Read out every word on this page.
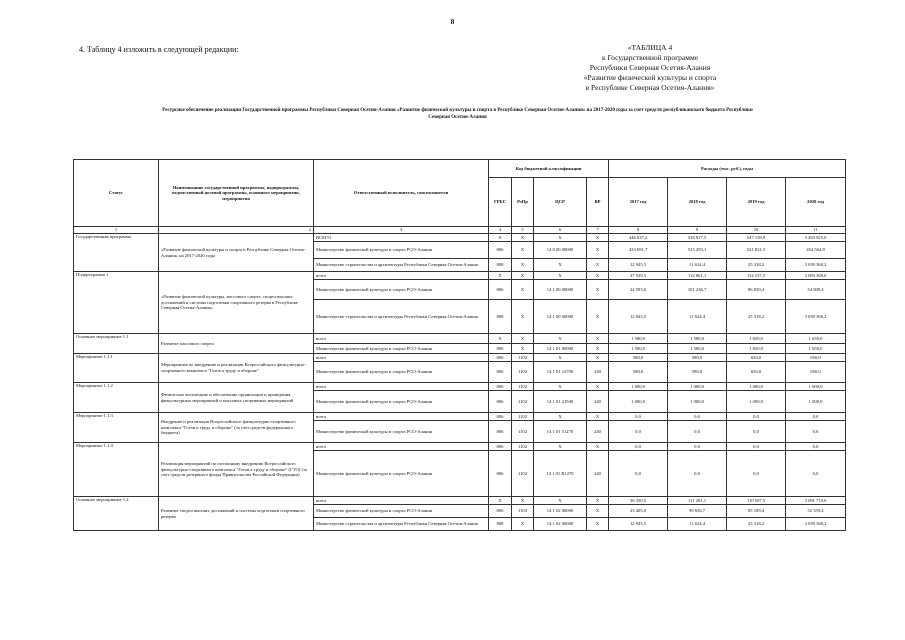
8
4. Таблицу 4 изложить в следующей редакции:	«ТАБЛИЦА 4
к Государственной программе
Республики Северная Осетия-Алания
«Развитие физической культуры и спорта
в Республике Северная Осетия-Алания»
Ресурсное обеспечение реализации Государственной программы Республики Северная Осетия-Алания «Развитие физической культуры и спорта в Республике Северная Осетия-Алания» на 2017-2020 годы за счет средств республиканского бюджета Республики
Северная Осетия-Алания
Статус	Наименование государственной программы, подпрограммы, ведомственной целевой программы, основного мероприятия, мероприятия	Ответственный исполнитель, соисполнители	Код бюджетной классификации				Расходы (тыс. руб.), годы			
			ГРБС	РзПр	ЦСР	ВР	2017 год	2018 год	2019 год	2020 год
1	2	3	4	5	6	7	8	9	10	11
Государственная программа	«Развитие физической культуры и спорта в Республике Северная Осетия-Алания» на 2017-2020 годы	ВСЕГО	X	X	X	X	446 637,2	536 917,5	547 139,9	3 493 925,0
		Министерство физической культуры и спорта РСО-Алания	806	X	14 0 00 00000	X	433 691,7	525 293,1	521 821,5	454 564,8
		Министерство строительства и архитектуры Республики Северная Осетия-Алания	808	X	X	X	12 945,5	11 624,4	25 318,2	3 039 360,2
Подпрограмма 1	«Развитие физической культуры, массового спорта, спорта высших достижений и системы подготовки спортивного резерва в Республике Северная Осетия-Алания»	всего	X	X	X	X	37 539,5	112 861,1	112 157,5	3 093 369,6
		Министерство физической культуры и спорта РСО-Алания	806	X	14 1 00 00000	X	24 593,0	101 236,7	86 839,4	54 009,4
		Министерство строительства и архитектуры Республики Северная Осетия-Алания	808	X	14 1 00 00000	X	12 945,5	11 624,4	25 318,2	3 039 360,2
Основное мероприятие 1.1	Развитие массового спорта	всего	X	X	X	X	1 580,0	1 580,0	1 650,0	1 650,0
		Министерство физической культуры и спорта РСО-Алания	806	X	14 1 01 00000	X	1 580,0	1 580,0	1 650,0	1 650,0
Мероприятие 1.1.1	Мероприятия по внедрению и реализации Всероссийского физкультурно-спортивного комплекса "Готов к труду и обороне"	всего	806	1102	X	X	580,0	580,0	650,0	650,0
		Министерство физической культуры и спорта РСО-Алания	806	1102	14 1 01 12700	240	580,0	580,0	650,0	650,0
Мероприятие 1.1.2	Физическое воспитание и обеспечение организации и проведения физкультурных мероприятий и массовых спортивных мероприятий	всего	806	1102	X	X	1 000,0	1 000,0	1 000,0	1 000,0
		Министерство физической культуры и спорта РСО-Алания	806	1102	14 1 01 21940	240	1 000,0	1 000,0	1 000,0	1 000,0
Мероприятие 1.1.3	Внедрение и реализация Всероссийского физкультурно-спортивного комплекса "Готов к труду и обороне" (за счет средств федерального бюджета)	всего	806	1102	X	X	0,0	0,0	0,0	0,0
		Министерство физической культуры и спорта РСО-Алания	806	1102	14 1 01 51270	240	0,0	0,0	0,0	0,0
Мероприятие 1.1.4	Реализация мероприятий по поэтапному внедрению Всероссийского физкультурно-спортивного комплекса "Готов к труду и обороне" (ГТО) (за счет средств резервного фонда Правительства Российской Федерации)	всего	806	1102	X	X	0,0	0,0	0,0	0,0
		Министерство физической культуры и спорта РСО-Алания	806	1102	14 1 01 R1270	240	0,0	0,0	0,0	0,0
Основное мероприятие 1.2	Развитие спорта высших достижений и системы подготовки спортивного резерва	всего	X	X	X	X	36 350,5	111 281,1	110 507,5	3 091 719,6
		Министерство физической культуры и спорта РСО-Алания	806	1103	14 1 02 00000	X	23 405,0	99 656,7	85 189,4	52 359,4
		Министерство строительства и архитектуры Республики Северная Осетия-Алания	808	X	14 1 02 00000	X	12 945,5	11 624,4	25 318,2	3 039 360,2
